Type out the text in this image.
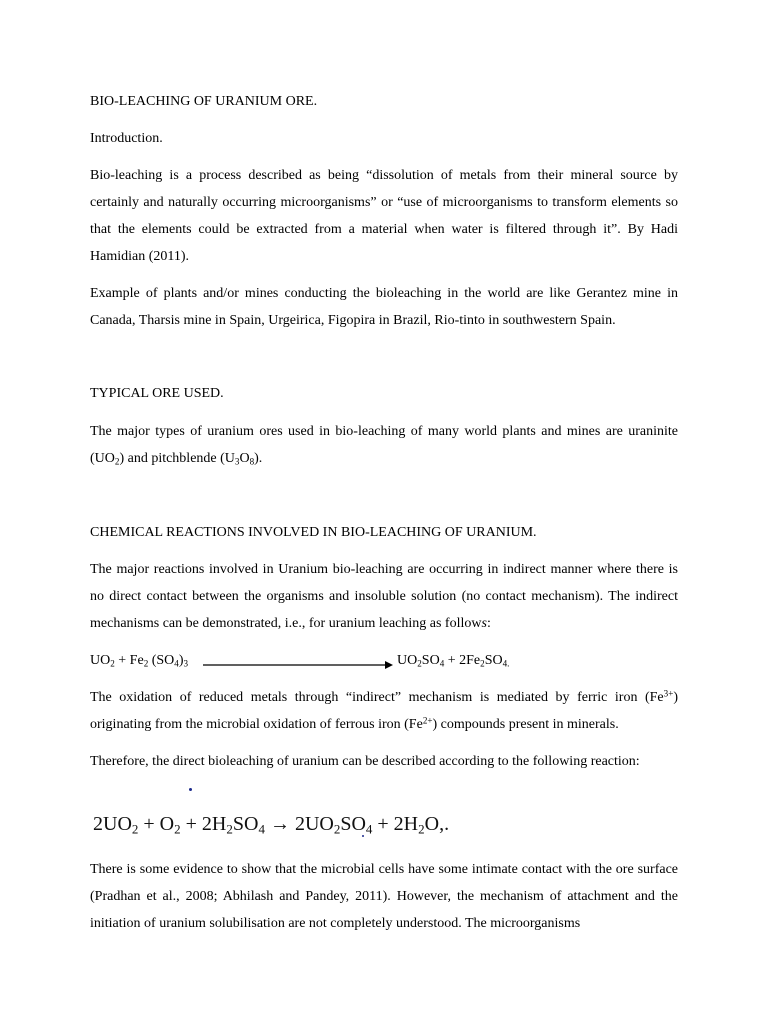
BIO-LEACHING OF URANIUM ORE.

Introduction.

Bio-leaching is a process described as being “dissolution of metals from their mineral source by certainly and naturally occurring microorganisms” or “use of microorganisms to transform elements so that the elements could be extracted from a material when water is filtered through it”. By Hadi Hamidian (2011).

Example of plants and/or mines conducting the bioleaching in the world are like Gerantez mine in Canada, Tharsis mine in Spain, Urgeirica, Figopira in Brazil, Rio-tinto in southwestern Spain.

TYPICAL ORE USED.

The major types of uranium ores used in bio-leaching of many world plants and mines are uraninite $(UO_2)$ and pitchblende $(U_3O_8)$.

CHEMICAL REACTIONS INVOLVED IN BIO-LEACHING OF URANIUM.

The major reactions involved in Uranium bio-leaching are occurring in indirect manner where there is no direct contact between the organisms and insoluble solution (no contact mechanism). The indirect mechanisms can be demonstrated, i.e., for uranium leaching as follows:

$UO_2 + Fe_2$ $(SO_4)_3$	$UO_2SO_4 + 2Fe_2SO_{4.}$

The oxidation of reduced metals through “indirect” mechanism is mediated by ferric iron $(Fe^{3+})$ originating from the microbial oxidation of ferrous iron $(Fe^{2+})$ compounds present in minerals.

Therefore, the direct bioleaching of uranium can be described according to the following reaction:

$2UO_2 + O_2 + 2H_2SO_4 \to 2UO_2SO_4 + 2H_2O$,.

There is some evidence to show that the microbial cells have some intimate contact with the ore surface (Pradhan et al., 2008; Abhilash and Pandey, 2011). However, the mechanism of attachment and the initiation of uranium solubilisation are not completely understood. The microorganisms
